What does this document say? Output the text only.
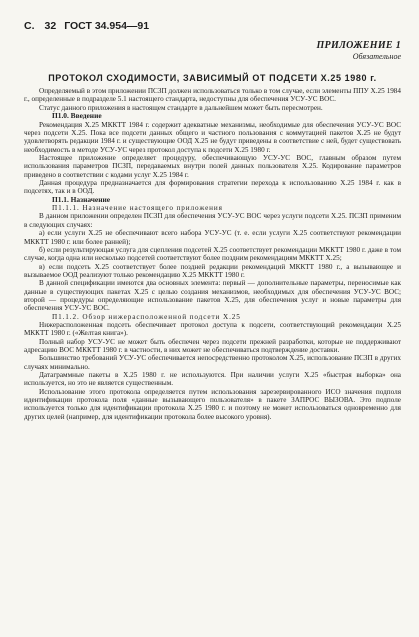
С. 32 ГОСТ 34.954—91
ПРИЛОЖЕНИЕ 1
Обязательное
ПРОТОКОЛ СХОДИМОСТИ, ЗАВИСИМЫЙ ОТ ПОДСЕТИ Х.25 1980 г.

Определяемый в этом приложении ПСЗП должен использоваться только в том случае, если элементы ППУ Х.25 1984 г., определенные в подразделе 5.1 настоящего стандарта, недоступны для обеспечения УСУ-УС ВОС.

Статус данного приложения в настоящем стандарте в дальнейшем может быть пересмотрен.

П1.0. Введение

Рекомендация Х.25 МККТТ 1984 г. содержит адекватные механизмы, необходимые для обеспечения УСУ-УС ВОС через подсети Х.25. Пока все подсети данных общего и частного пользования с коммутацией пакетов Х.25 не будут удовлетворять редакции 1984 г. и существующие ООД Х.25 не будут приведены в соответствие с ней, будет существовать необходимость в методе УСУ-УС через протокол доступа к подсети Х.25 1980 г.

Настоящее приложение определяет процедуру, обеспечивающую УСУ-УС ВОС, главным образом путем использования параметров ПСЗП, передаваемых внутри полей данных пользователя Х.25. Кодирование параметров приведено в соответствии с кодами услуг Х.25 1984 г.

Данная процедура предназначается для формирования стратегии перехода к использованию Х.25 1984 г. как в подсетях, так и в ООД.

П1.1. Назначение
П1.1.1. Назначение настоящего приложения

В данном приложении определен ПСЗП для обеспечения УСУ-УС ВОС через услуги подсети Х.25. ПСЗП применим в следующих случаях:

а) если услуги Х.25 не обеспечивают всего набора УСУ-УС (т. е. если услуги Х.25 соответствуют рекомендации МККТТ 1980 г. или более ранней);

б) если результирующая услуга для сцепления подсетей Х.25 соответствует рекомендации МККТТ 1980 г. даже в том случае, когда одна или несколько подсетей соответствуют более поздним рекомендациям МККТТ Х.25;

в) если подсеть Х.25 соответствует более поздней редакции рекомендаций МККТТ 1980 г., а вызывающее и вызываемое ООД реализуют только рекомендацию Х.25 МККТТ 1980 г.

В данной спецификации имеются два основных элемента: первый — дополнительные параметры, переносимые как данные в существующих пакетах Х.25 с целью создания механизмов, необходимых для обеспечения УСУ-УС ВОС; второй — процедуры определяющие использование пакетов Х.25, для обеспечения услуг и новые параметры для обеспечения УСУ-УС ВОС.

П1.1.2. Обзор нижерасположенной подсети Х.25

Нижерасположенная подсеть обеспечивает протокол доступа к подсети, соответствующий рекомендации Х.25 МККТТ 1980 г. («Желтая книга»).

Полный набор УСУ-УС не может быть обеспечен через подсети прежней разработки, которые не поддерживают адресацию ВОС МККТТ 1980 г. в частности, в них может не обеспечиваться подтверждение доставки.

Большинство требований УСУ-УС обеспечивается непосредственно протоколом Х.25, использование ПСЗП в других случаях минимально.

Датаграммные пакеты в Х.25 1980 г. не используются. При наличии услуги Х.25 «быстрая выборка» она используется, но это не является существенным.

Использование этого протокола определяется путем использования зарезервированного ИСО значения подполя идентификации протокола поля «данные вызывающего пользователя» в пакете ЗАПРОС ВЫЗОВА. Это подполе используется только для идентификации протокола Х.25 1980 г. и поэтому не может использоваться одновременно для других целей (например, для идентификации протокола более высокого уровня).
